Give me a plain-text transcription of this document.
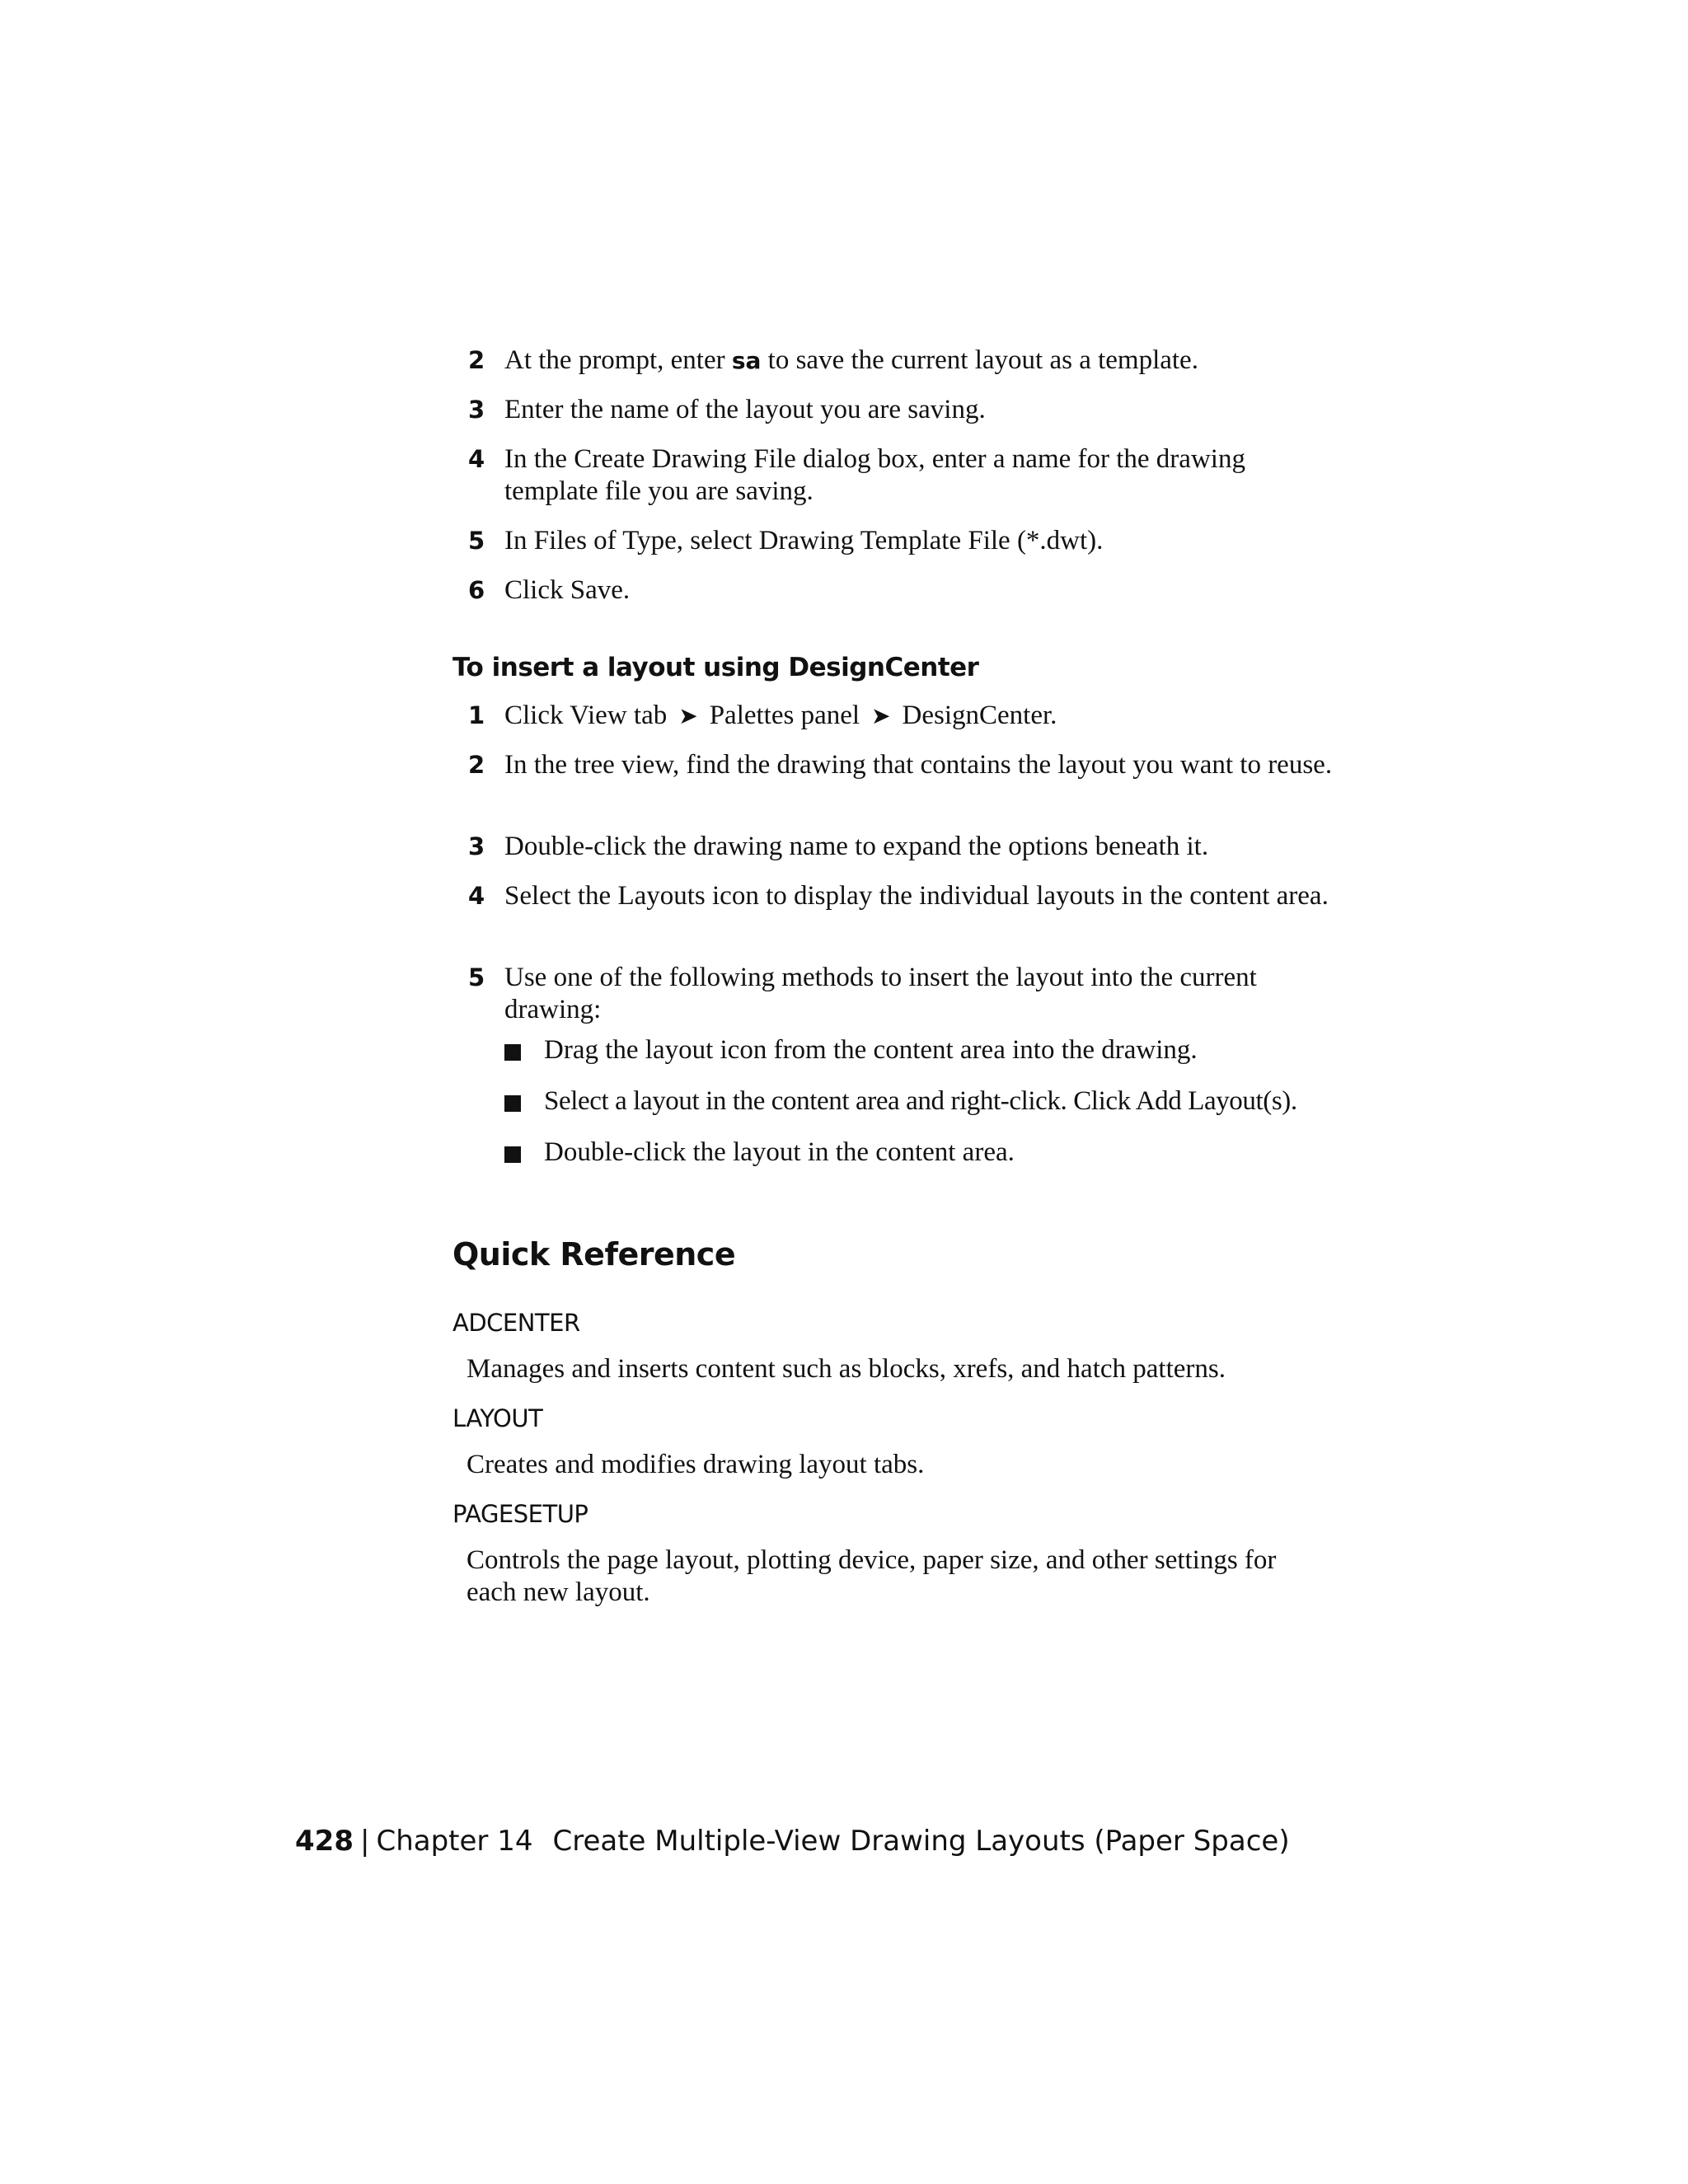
2 At the prompt, enter sa to save the current layout as a template.
3 Enter the name of the layout you are saving.
4 In the Create Drawing File dialog box, enter a name for the drawing template file you are saving.
5 In Files of Type, select Drawing Template File (*.dwt).
6 Click Save.
To insert a layout using DesignCenter
1 Click View tab ➤ Palettes panel ➤ DesignCenter.
2 In the tree view, find the drawing that contains the layout you want to reuse.
3 Double-click the drawing name to expand the options beneath it.
4 Select the Layouts icon to display the individual layouts in the content area.
5 Use one of the following methods to insert the layout into the current drawing:
Drag the layout icon from the content area into the drawing.
Select a layout in the content area and right-click. Click Add Layout(s).
Double-click the layout in the content area.
Quick Reference
ADCENTER
Manages and inserts content such as blocks, xrefs, and hatch patterns.
LAYOUT
Creates and modifies drawing layout tabs.
PAGESETUP
Controls the page layout, plotting device, paper size, and other settings for each new layout.
428 | Chapter 14 Create Multiple-View Drawing Layouts (Paper Space)
